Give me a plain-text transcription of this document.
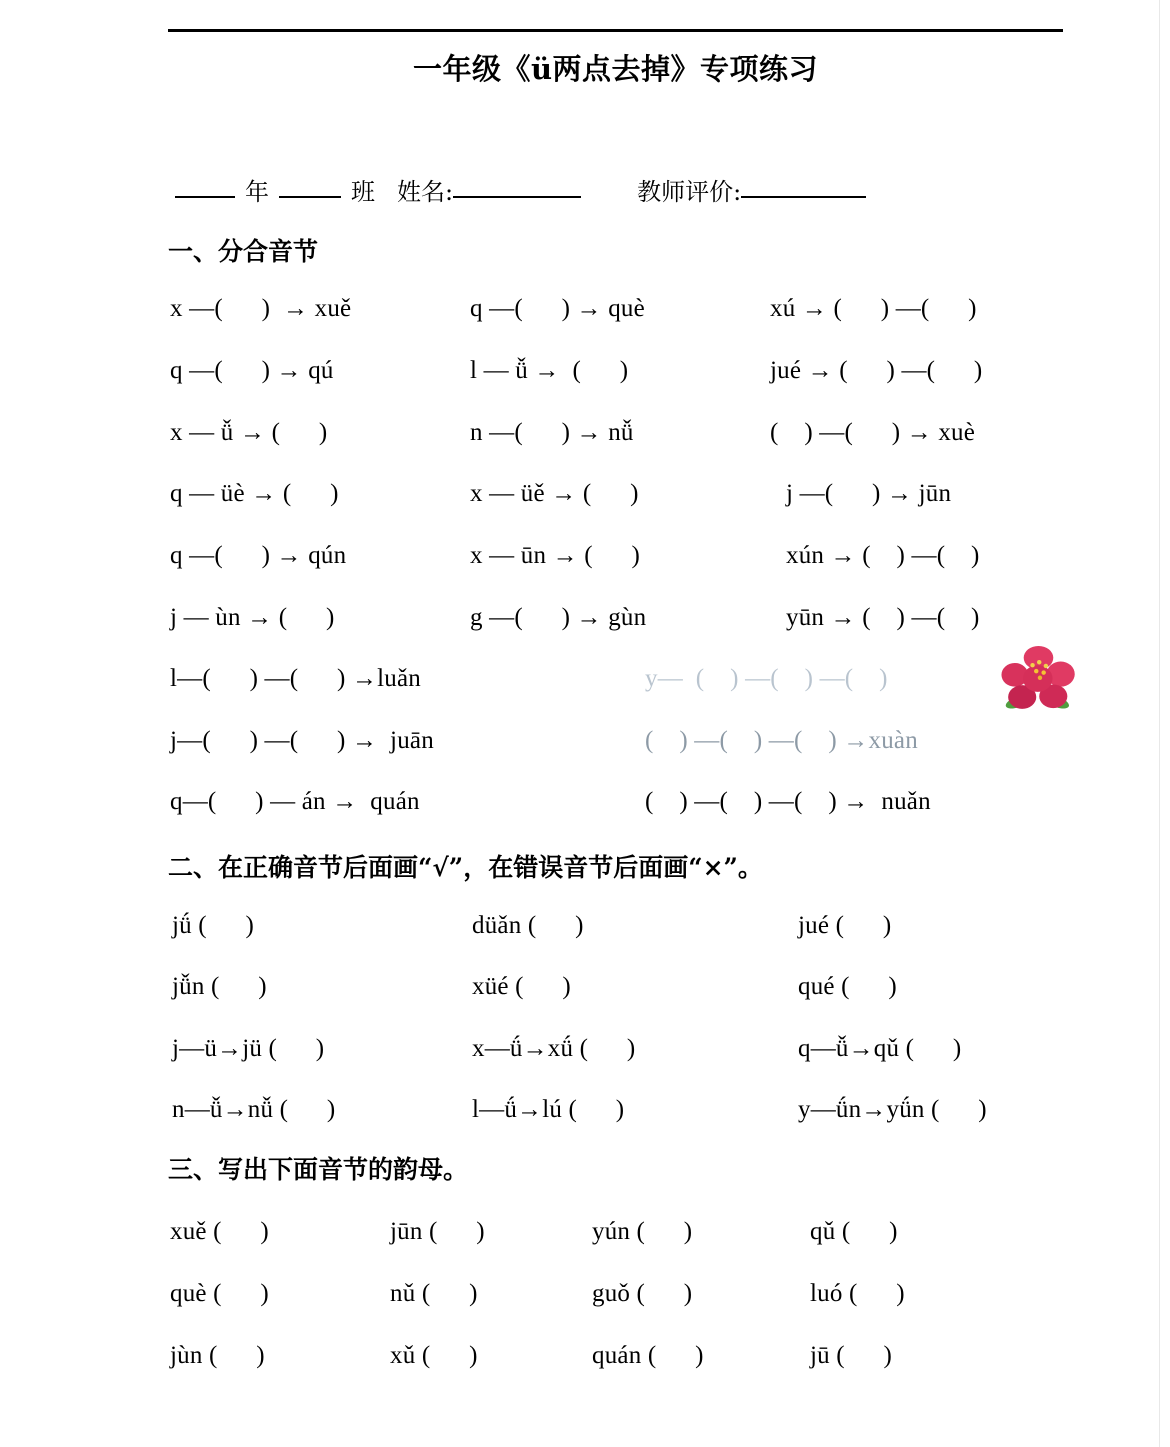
一年级《ü两点去掉》专项练习
年	班 姓名:	教师评价:
一、分合音节
x —(      )  → xuě	q —(      ) → què	xú → (      ) —(      )
q —(      ) → qú	l — ǚ →  (      )	jué → (      ) —(      )
x — ǚ → (      )	n —(      ) → nǚ	(    ) —(      ) → xuè
q — üè → (      )	x — üě → (      )	j —(      ) → jūn
q —(      ) → qún	x — ūn → (      )	xún → (    ) —(    )
j — ùn → (      )	g —(      ) → gùn	yūn → (    ) —(    )
l—(      ) —(      ) →luǎn	y—  (    ) —(    ) —(    )
j—(      ) —(      ) →  juān	(    ) —(    ) —(    ) →xuàn
q—(      ) — án →  quán	(    ) —(    ) —(    ) →  nuǎn
二、在正确音节后面画“√”，在错误音节后面画“×”。
jǘ (      )	düǎn (      )	jué (      )
jǚn (      )	xüé (      )	qué (      )
j—ü→jü (      )	x—ǘ→xǘ (      )	q—ǚ→qǔ (      )
n—ǚ→nǚ (      )	l—ǘ→lú (      )	y—ǘn→yǘn (      )
三、写出下面音节的韵母。
xuě (      )	jūn (      )	yún (      )	qǔ (      )
què (      )	nǔ (      )	guǒ (      )	luó (      )
jùn (      )	xǔ (      )	quán (      )	jū (      )
